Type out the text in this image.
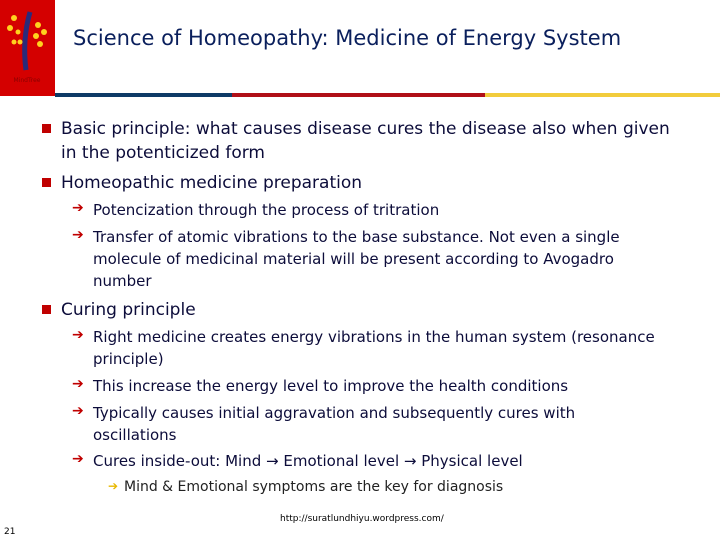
MindTree
Science of Homeopathy: Medicine of Energy System
Basic principle: what causes disease cures the disease also when given in the potenticized form
Homeopathic medicine preparation
➔ Potencization through the process of tritration
➔ Transfer of atomic vibrations to the base substance. Not even a single molecule of medicinal material will be present according to Avogadro number
Curing principle
➔ Right medicine creates energy vibrations in the human system (resonance principle)
➔ This increase the energy level to improve the health conditions
➔ Typically causes initial aggravation and subsequently cures with oscillations
➔ Cures inside-out: Mind → Emotional level → Physical level
➔ Mind & Emotional symptoms are the key for diagnosis
http://suratlundhiyu.wordpress.com/
21
